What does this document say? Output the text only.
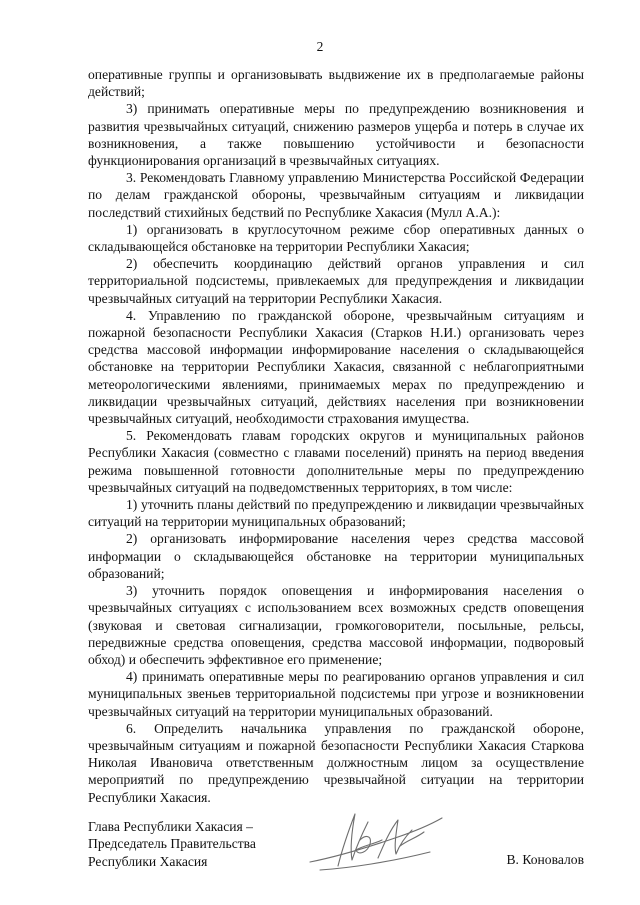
2

оперативные группы и организовывать выдвижение их в предполагаемые районы действий;

3) принимать оперативные меры по предупреждению возникновения и развития чрезвычайных ситуаций, снижению размеров ущерба и потерь в случае их возникновения, а также повышению устойчивости и безопасности функционирования организаций в чрезвычайных ситуациях.

3. Рекомендовать Главному управлению Министерства Российской Федерации по делам гражданской обороны, чрезвычайным ситуациям и ликвидации последствий стихийных бедствий по Республике Хакасия (Мулл А.А.):

1) организовать в круглосуточном режиме сбор оперативных данных о складывающейся обстановке на территории Республики Хакасия;

2) обеспечить координацию действий органов управления и сил территориальной подсистемы, привлекаемых для предупреждения и ликвидации чрезвычайных ситуаций на территории Республики Хакасия.

4. Управлению по гражданской обороне, чрезвычайным ситуациям и пожарной безопасности Республики Хакасия (Старков Н.И.) организовать через средства массовой информации информирование населения о складывающейся обстановке на территории Республики Хакасия, связанной с неблагоприятными метеорологическими явлениями, принимаемых мерах по предупреждению и ликвидации чрезвычайных ситуаций, действиях населения при возникновении чрезвычайных ситуаций, необходимости страхования имущества.

5. Рекомендовать главам городских округов и муниципальных районов Республики Хакасия (совместно с главами поселений) принять на период введения режима повышенной готовности дополнительные меры по предупреждению чрезвычайных ситуаций на подведомственных территориях, в том числе:

1) уточнить планы действий по предупреждению и ликвидации чрезвычайных ситуаций на территории муниципальных образований;

2) организовать информирование населения через средства массовой информации о складывающейся обстановке на территории муниципальных образований;

3) уточнить порядок оповещения и информирования населения о чрезвычайных ситуациях с использованием всех возможных средств оповещения (звуковая и световая сигнализации, громкоговорители, посыльные, рельсы, передвижные средства оповещения, средства массовой информации, подворовый обход) и обеспечить эффективное его применение;

4) принимать оперативные меры по реагированию органов управления и сил муниципальных звеньев территориальной подсистемы при угрозе и возникновении чрезвычайных ситуаций на территории муниципальных образований.

6. Определить начальника управления по гражданской обороне, чрезвычайным ситуациям и пожарной безопасности Республики Хакасия Старкова Николая Ивановича ответственным должностным лицом за осуществление мероприятий по предупреждению чрезвычайной ситуации на территории Республики Хакасия.

Глава Республики Хакасия –
Председатель Правительства
Республики Хакасия	В. Коновалов
